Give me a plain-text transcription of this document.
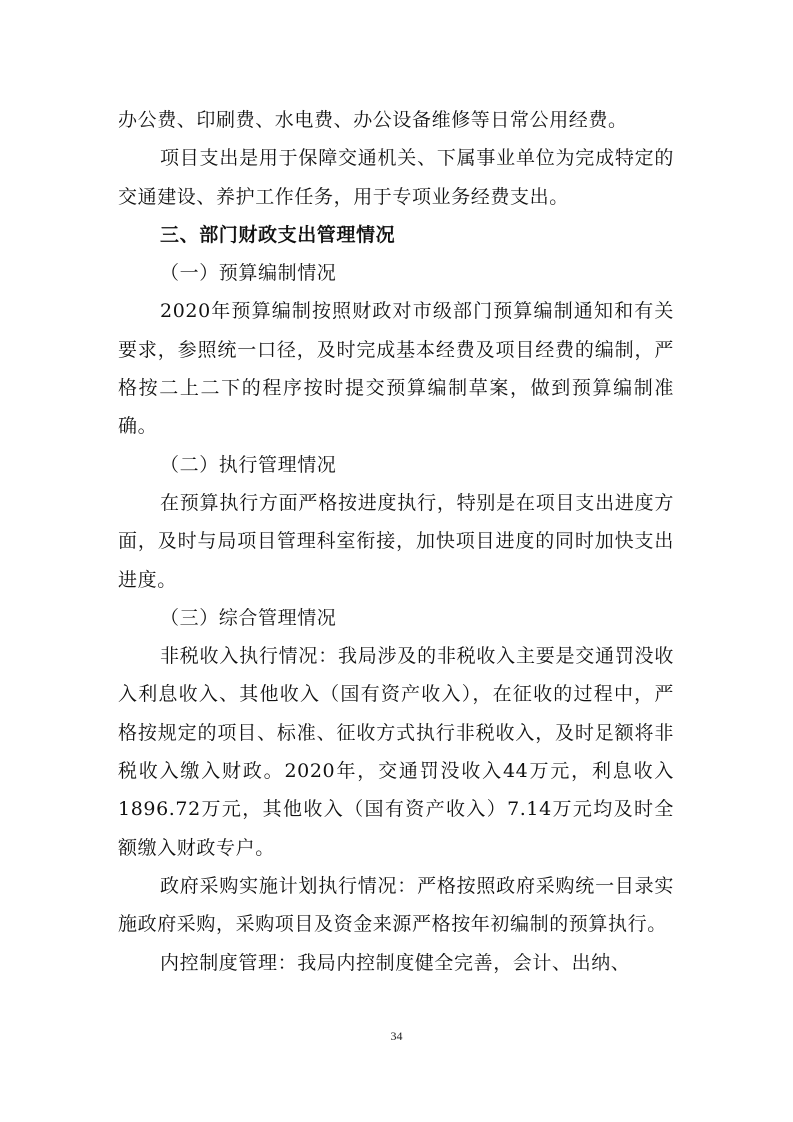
办公费、印刷费、水电费、办公设备维修等日常公用经费。

项目支出是用于保障交通机关、下属事业单位为完成特定的交通建设、养护工作任务，用于专项业务经费支出。

三、部门财政支出管理情况

（一）预算编制情况

2020年预算编制按照财政对市级部门预算编制通知和有关要求，参照统一口径，及时完成基本经费及项目经费的编制，严格按二上二下的程序按时提交预算编制草案，做到预算编制准确。

（二）执行管理情况

在预算执行方面严格按进度执行，特别是在项目支出进度方面，及时与局项目管理科室衔接，加快项目进度的同时加快支出进度。

（三）综合管理情况

非税收入执行情况：我局涉及的非税收入主要是交通罚没收入利息收入、其他收入（国有资产收入），在征收的过程中，严格按规定的项目、标准、征收方式执行非税收入，及时足额将非税收入缴入财政。2020年，交通罚没收入44万元，利息收入1896.72万元，其他收入（国有资产收入）7.14万元均及时全额缴入财政专户。

政府采购实施计划执行情况：严格按照政府采购统一目录实施政府采购，采购项目及资金来源严格按年初编制的预算执行。

内控制度管理：我局内控制度健全完善，会计、出纳、

34
